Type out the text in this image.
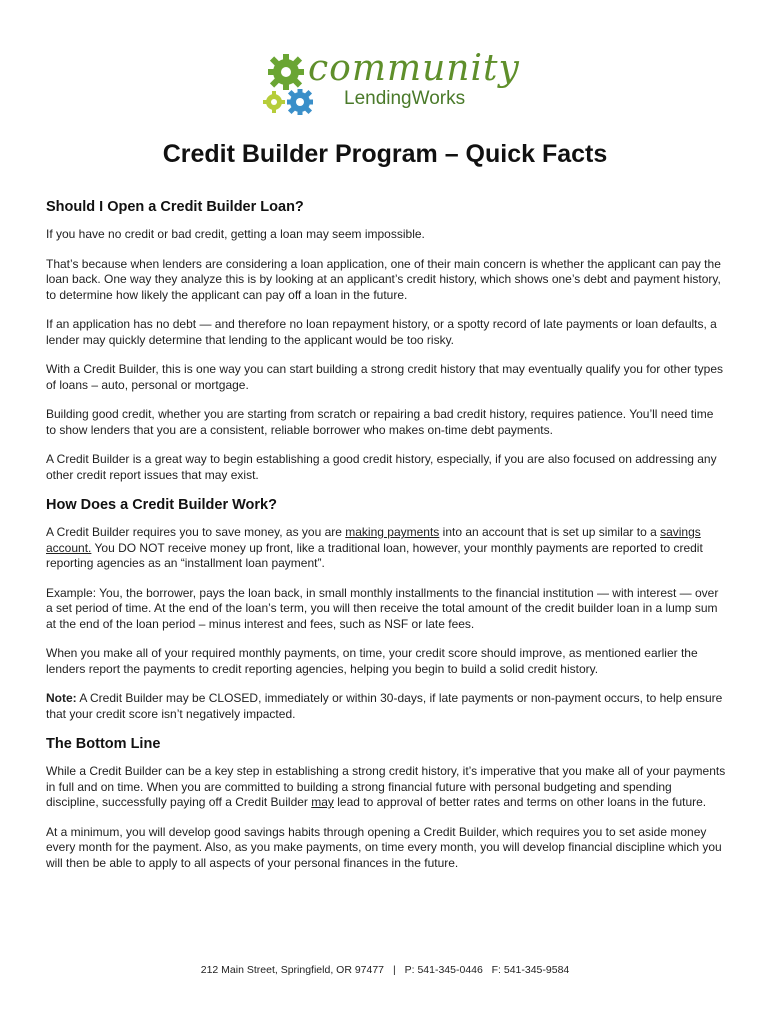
community
LendingWorks
Credit Builder Program – Quick Facts
Should I Open a Credit Builder Loan?

If you have no credit or bad credit, getting a loan may seem impossible.

That’s because when lenders are considering a loan application, one of their main concern is whether the applicant can pay the loan back. One way they analyze this is by looking at an applicant’s credit history, which shows one’s debt and payment history, to determine how likely the applicant can pay off a loan in the future.

If an application has no debt — and therefore no loan repayment history, or a spotty record of late payments or loan defaults, a lender may quickly determine that lending to the applicant would be too risky.

With a Credit Builder, this is one way you can start building a strong credit history that may eventually qualify you for other types of loans – auto, personal or mortgage.

Building good credit, whether you are starting from scratch or repairing a bad credit history, requires patience. You’ll need time to show lenders that you are a consistent, reliable borrower who makes on-time debt payments.

A Credit Builder is a great way to begin establishing a good credit history, especially, if you are also focused on addressing any other credit report issues that may exist.

How Does a Credit Builder Work?

A Credit Builder requires you to save money, as you are making payments into an account that is set up similar to a savings account. You DO NOT receive money up front, like a traditional loan, however, your monthly payments are reported to credit reporting agencies as an “installment loan payment”.

Example: You, the borrower, pays the loan back, in small monthly installments to the financial institution — with interest — over a set period of time. At the end of the loan’s term, you will then receive the total amount of the credit builder loan in a lump sum at the end of the loan period – minus interest and fees, such as NSF or late fees.

When you make all of your required monthly payments, on time, your credit score should improve, as mentioned earlier the lenders report the payments to credit reporting agencies, helping you begin to build a solid credit history.

Note: A Credit Builder may be CLOSED, immediately or within 30-days, if late payments or non-payment occurs, to help ensure that your credit score isn’t negatively impacted.

The Bottom Line

While a Credit Builder can be a key step in establishing a strong credit history, it’s imperative that you make all of your payments in full and on time. When you are committed to building a strong financial future with personal budgeting and spending discipline, successfully paying off a Credit Builder may lead to approval of better rates and terms on other loans in the future.

At a minimum, you will develop good savings habits through opening a Credit Builder, which requires you to set aside money every month for the payment. Also, as you make payments, on time every month, you will develop financial discipline which you will then be able to apply to all aspects of your personal finances in the future.

212 Main Street, Springfield, OR 97477 | P: 541-345-0446 F: 541-345-9584
